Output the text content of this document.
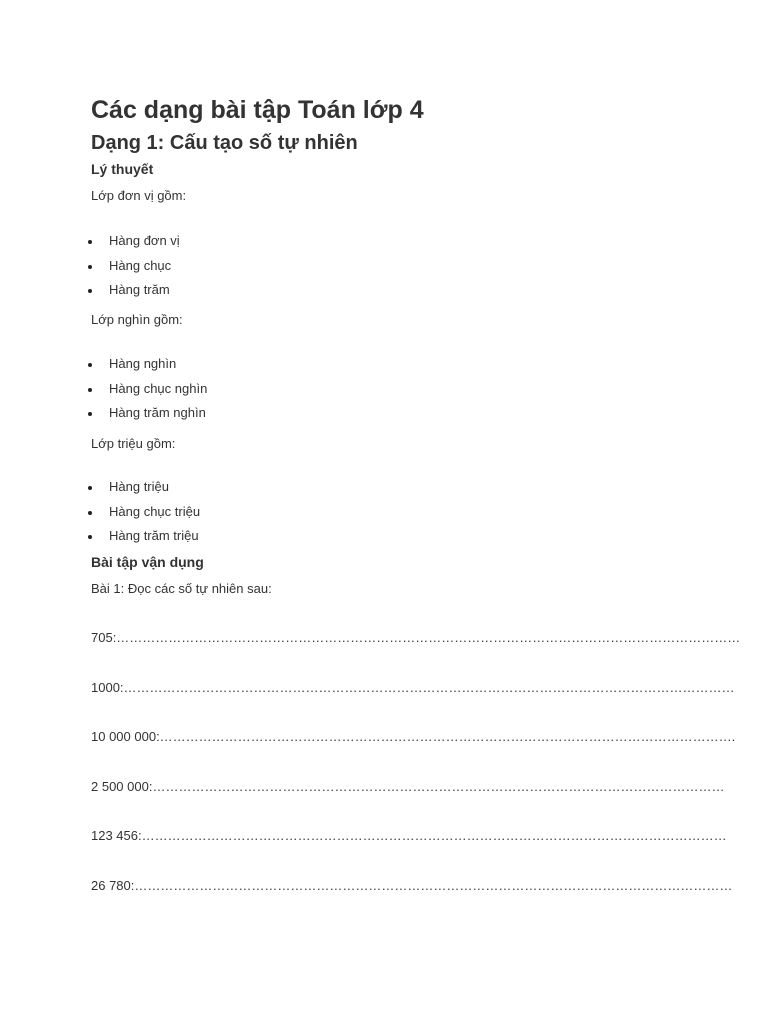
Các dạng bài tập Toán lớp 4
Dạng 1: Cấu tạo số tự nhiên
Lý thuyết
Lớp đơn vị gồm:
Hàng đơn vị
Hàng chục
Hàng trăm
Lớp nghìn gồm:
Hàng nghìn
Hàng chục nghìn
Hàng trăm nghìn
Lớp triệu gồm:
Hàng triệu
Hàng chục triệu
Hàng trăm triệu
Bài tập vận dụng
Bài 1: Đọc các số tự nhiên sau:
705:………………………………………………………………………………………………………………………………
1000:……………………………………………………………………………………………………………………………
10 000 000:…………………………………………………………………………………………………………………….
2 500 000:……………………………………………………………………………………………………………………
123 456:………………………………………………………………………………………………………………………
26 780:…………………………………………………………………………………………………………………………
